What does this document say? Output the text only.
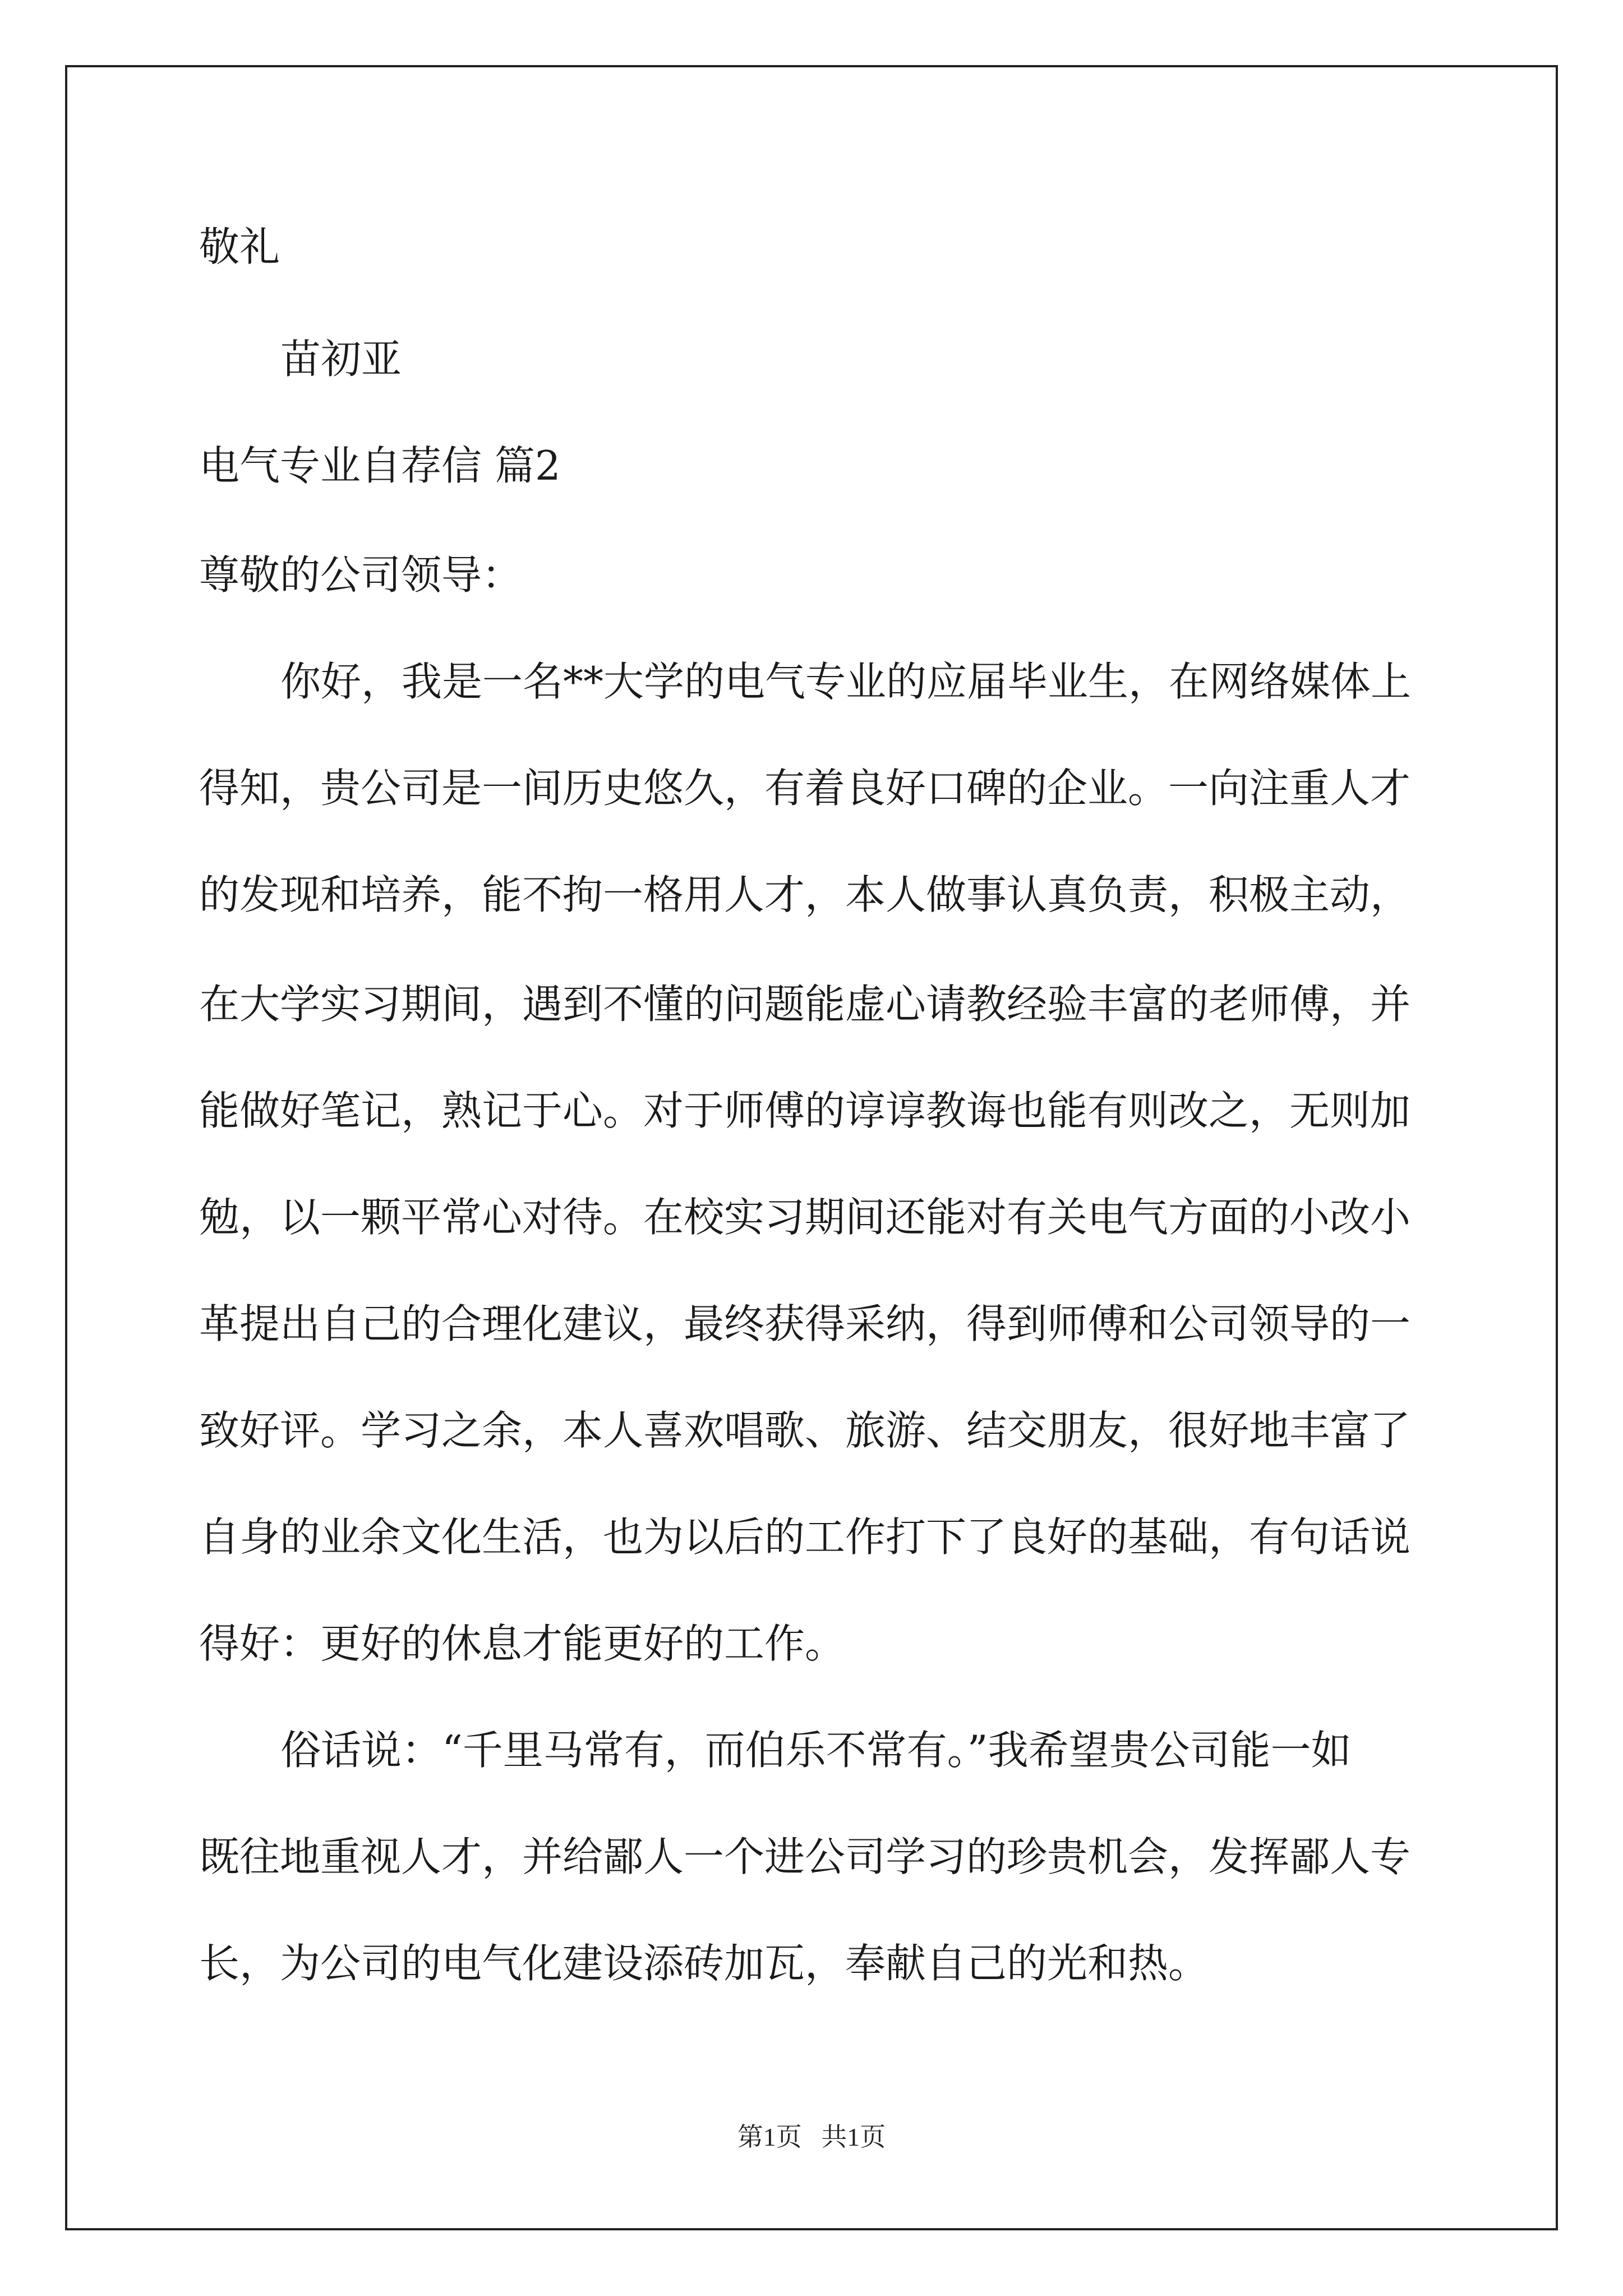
敬礼
苗初亚
电气专业自荐信 篇2
尊敬的公司领导：
你好，我是一名**大学的电气专业的应届毕业生，在网络媒体上
得知，贵公司是一间历史悠久，有着良好口碑的企业。一向注重人才
的发现和培养，能不拘一格用人才，本人做事认真负责，积极主动，
在大学实习期间，遇到不懂的问题能虚心请教经验丰富的老师傅，并
能做好笔记，熟记于心。对于师傅的谆谆教诲也能有则改之，无则加
勉，以一颗平常心对待。在校实习期间还能对有关电气方面的小改小
革提出自己的合理化建议，最终获得采纳，得到师傅和公司领导的一
致好评。学习之余，本人喜欢唱歌、旅游、结交朋友，很好地丰富了
自身的业余文化生活，也为以后的工作打下了良好的基础，有句话说
得好：更好的休息才能更好的工作。
俗话说：“千里马常有，而伯乐不常有。”我希望贵公司能一如
既往地重视人才，并给鄙人一个进公司学习的珍贵机会，发挥鄙人专
长，为公司的电气化建设添砖加瓦，奉献自己的光和热。
第1页   共1页
